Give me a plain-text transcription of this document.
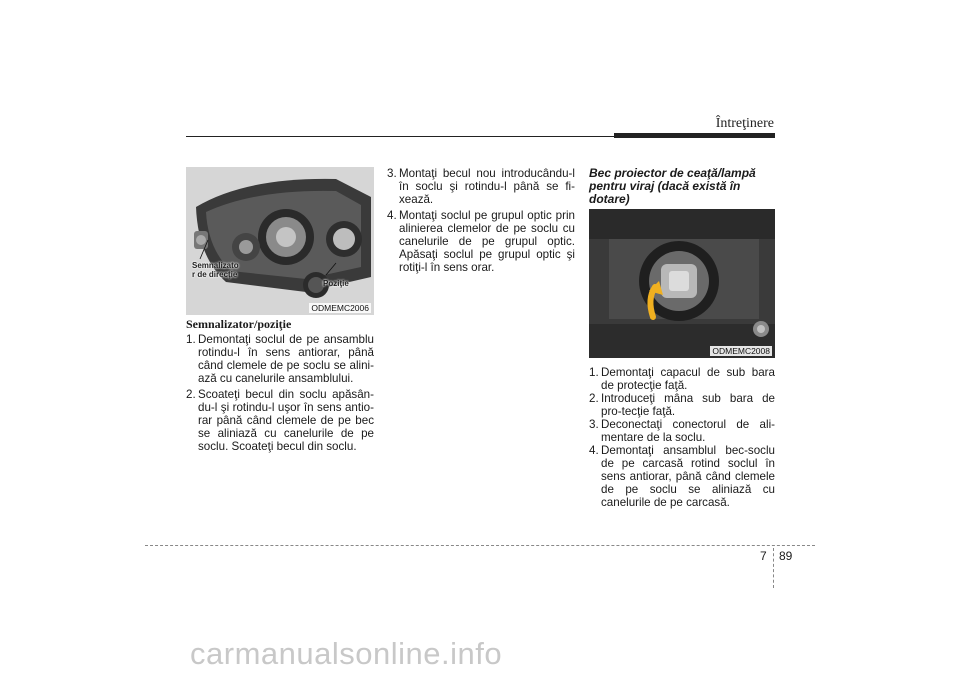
Întreţinere
Semnalizato
r de direcţie
Poziţie
ODMEMC2006
Semnalizator/poziţie
1. Demontaţi soclul de pe ansamblu rotindu-l în sens antiorar, până când clemele de pe soclu se alini-ază cu canelurile ansamblului.
2. Scoateţi becul din soclu apăsân-du-l şi rotindu-l uşor în sens antio-rar până când clemele de pe bec se aliniază cu canelurile de pe soclu. Scoateţi becul din soclu.
3. Montaţi becul nou introducându-l în soclu şi rotindu-l până se fi-xează.
4. Montaţi soclul pe grupul optic prin alinierea clemelor de pe soclu cu canelurile de pe grupul optic. Apăsaţi soclul pe grupul optic şi rotiţi-l în sens orar.
Bec proiector de ceaţă/lampă pentru viraj (dacă există în dotare)
ODMEMC2008
1. Demontaţi capacul de sub bara de protecţie faţă.
2. Introduceţi mâna sub bara de pro-tecţie faţă.
3. Deconectaţi conectorul de ali-mentare de la soclu.
4. Demontaţi ansamblul bec-soclu de pe carcasă rotind soclul în sens antiorar, până când clemele de pe soclu se aliniază cu canelurile de pe carcasă.
7 89
carmanualsonline.info
